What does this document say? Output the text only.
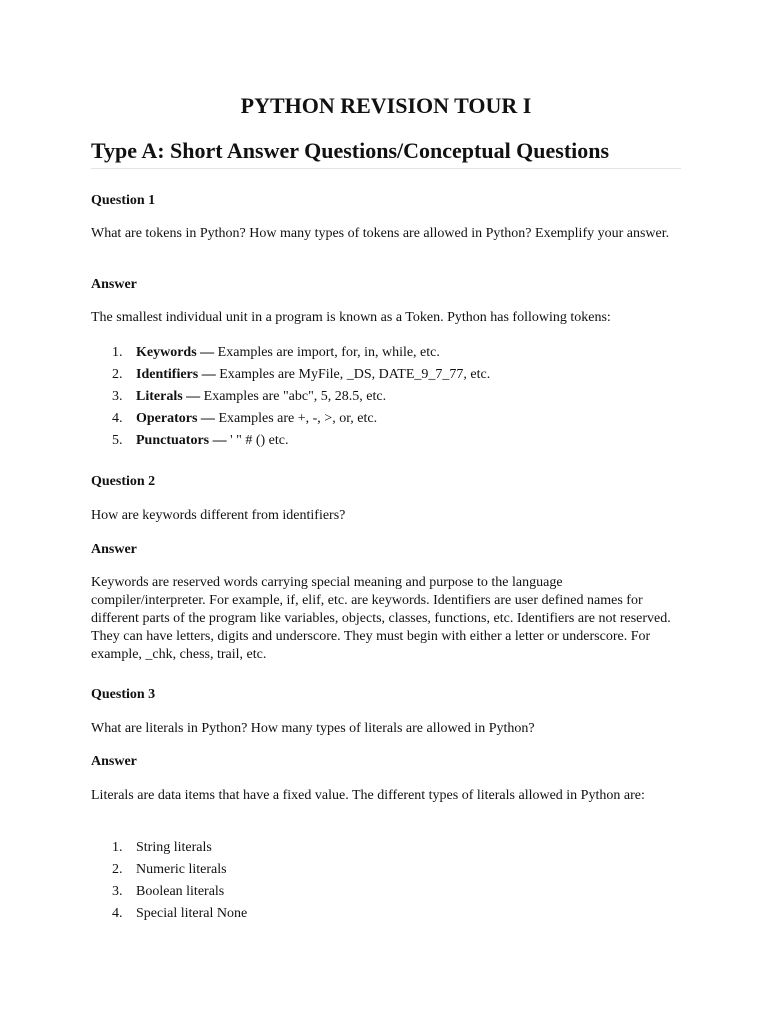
PYTHON REVISION TOUR I
Type A: Short Answer Questions/Conceptual Questions

Question 1

What are tokens in Python? How many types of tokens are allowed in Python? Exemplify your answer.

Answer

The smallest individual unit in a program is known as a Token. Python has following tokens:

1. Keywords — Examples are import, for, in, while, etc.
2. Identifiers — Examples are MyFile, _DS, DATE_9_7_77, etc.
3. Literals — Examples are "abc", 5, 28.5, etc.
4. Operators — Examples are +, -, >, or, etc.
5. Punctuators — ' " # () etc.

Question 2

How are keywords different from identifiers?

Answer

Keywords are reserved words carrying special meaning and purpose to the language compiler/interpreter. For example, if, elif, etc. are keywords. Identifiers are user defined names for different parts of the program like variables, objects, classes, functions, etc. Identifiers are not reserved. They can have letters, digits and underscore. They must begin with either a letter or underscore. For example, _chk, chess, trail, etc.

Question 3

What are literals in Python? How many types of literals are allowed in Python?

Answer

Literals are data items that have a fixed value. The different types of literals allowed in Python are:

1. String literals
2. Numeric literals
3. Boolean literals
4. Special literal None
